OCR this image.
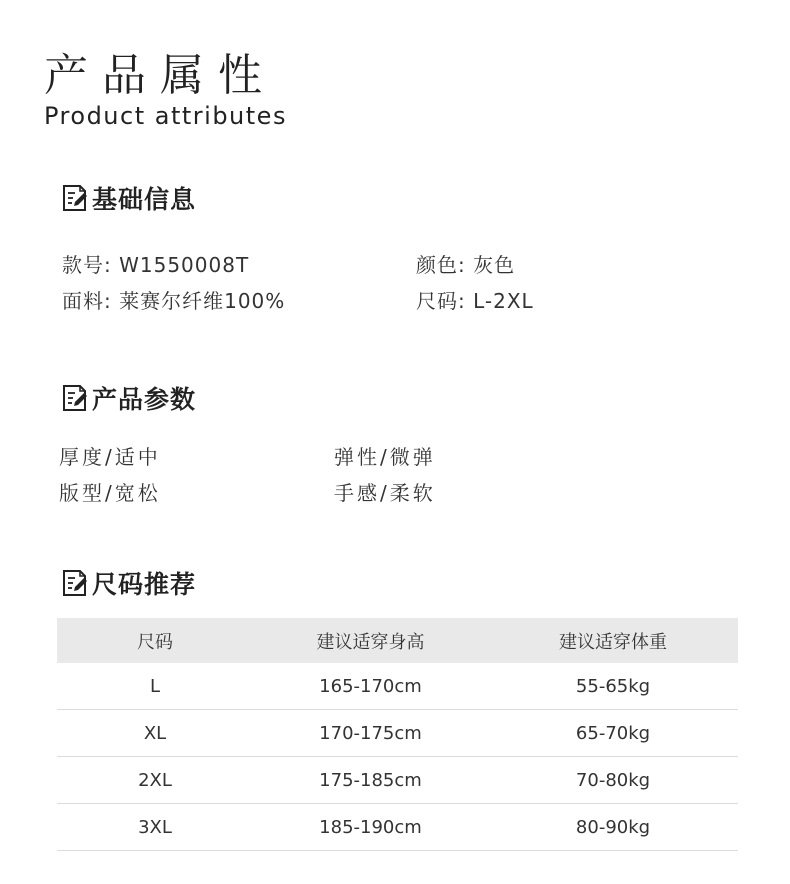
产品属性
Product attributes
基础信息
款号: W1550008T	颜色: 灰色
面料: 莱赛尔纤维100%	尺码: L-2XL
产品参数
厚度/适中	弹性/微弹
版型/宽松	手感/柔软
尺码推荐
尺码	建议适穿身高	建议适穿体重
L	165-170cm	55-65kg
XL	170-175cm	65-70kg
2XL	175-185cm	70-80kg
3XL	185-190cm	80-90kg
